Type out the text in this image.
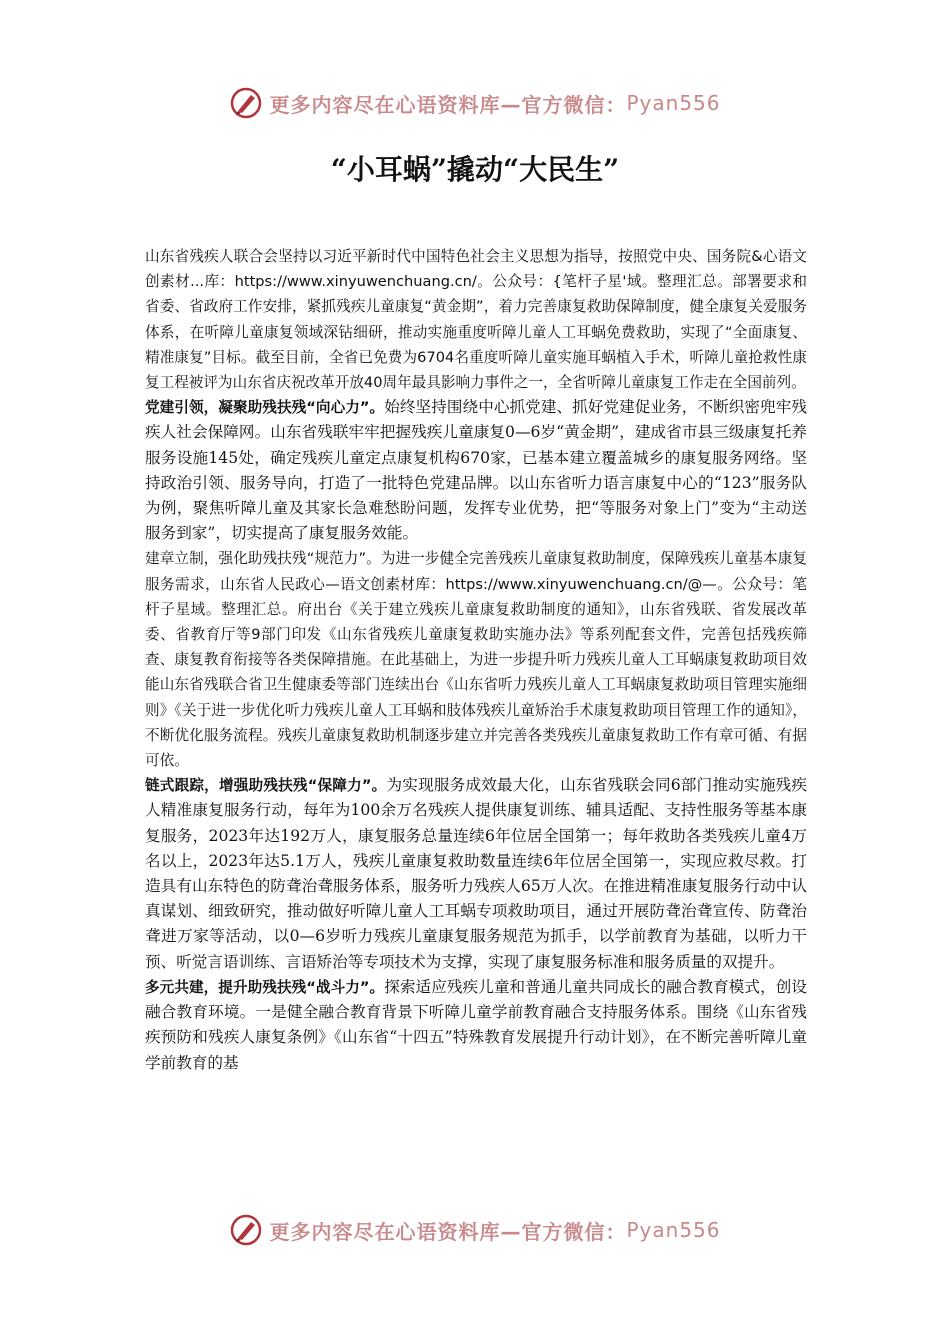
更多内容尽在心语资料库—官方微信： Pyan556
“小耳蜗”撬动“大民生”

山东省残疾人联合会坚持以习近平新时代中国特色社会主义思想为指导，按照党中央、国务院&心语文创素材...库：https://www.xinyuwenchuang.cn/。公众号：{笔杆子星'域。整理汇总。部署要求和省委、省政府工作安排，紧抓残疾儿童康复“黄金期”，着力完善康复救助保障制度，健全康复关爱服务体系，在听障儿童康复领域深钻细研，推动实施重度听障儿童人工耳蜗免费救助，实现了“全面康复、精准康复”目标。截至目前，全省已免费为6704名重度听障儿童实施耳蜗植入手术，听障儿童抢救性康复工程被评为山东省庆祝改革开放40周年最具影响力事件之一，全省听障儿童康复工作走在全国前列。

党建引领，凝聚助残扶残“向心力”。始终坚持围绕中心抓党建、抓好党建促业务，不断织密兜牢残疾人社会保障网。山东省残联牢牢把握残疾儿童康复0—6岁“黄金期”，建成省市县三级康复托养服务设施145处，确定残疾儿童定点康复机构670家，已基本建立覆盖城乡的康复服务网络。坚持政治引领、服务导向，打造了一批特色党建品牌。以山东省听力语言康复中心的“123”服务队为例，聚焦听障儿童及其家长急难愁盼问题，发挥专业优势，把“等服务对象上门”变为“主动送服务到家”，切实提高了康复服务效能。

建章立制，强化助残扶残“规范力”。为进一步健全完善残疾儿童康复救助制度，保障残疾儿童基本康复服务需求，山东省人民政心—语文创素材库：https://www.xinyuwenchuang.cn/@—。公众号：笔杆子星域。整理汇总。府出台《关于建立残疾儿童康复救助制度的通知》，山东省残联、省发展改革委、省教育厅等9部门印发《山东省残疾儿童康复救助实施办法》等系列配套文件，完善包括残疾筛查、康复教育衔接等各类保障措施。在此基础上，为进一步提升听力残疾儿童人工耳蜗康复救助项目效能山东省残联合省卫生健康委等部门连续出台《山东省听力残疾儿童人工耳蜗康复救助项目管理实施细则》《关于进一步优化听力残疾儿童人工耳蜗和肢体残疾儿童矫治手术康复救助项目管理工作的通知》，不断优化服务流程。残疾儿童康复救助机制逐步建立并完善各类残疾儿童康复救助工作有章可循、有据可依。

链式跟踪，增强助残扶残“保障力”。为实现服务成效最大化，山东省残联会同6部门推动实施残疾人精准康复服务行动，每年为100余万名残疾人提供康复训练、辅具适配、支持性服务等基本康复服务，2023年达192万人，康复服务总量连续6年位居全国第一；每年救助各类残疾儿童4万名以上，2023年达5.1万人，残疾儿童康复救助数量连续6年位居全国第一，实现应救尽救。打造具有山东特色的防聋治聋服务体系，服务听力残疾人65万人次。在推进精准康复服务行动中认真谋划、细致研究，推动做好听障儿童人工耳蜗专项救助项目，通过开展防聋治聋宣传、防聋治聋进万家等活动，以0—6岁听力残疾儿童康复服务规范为抓手，以学前教育为基础，以听力干预、听觉言语训练、言语矫治等专项技术为支撑，实现了康复服务标准和服务质量的双提升。

多元共建，提升助残扶残“战斗力”。探索适应残疾儿童和普通儿童共同成长的融合教育模式，创设融合教育环境。一是健全融合教育背景下听障儿童学前教育融合支持服务体系。围绕《山东省残疾预防和残疾人康复条例》《山东省“十四五”特殊教育发展提升行动计划》，在不断完善听障儿童学前教育的基

更多内容尽在心语资料库—官方微信： Pyan556
